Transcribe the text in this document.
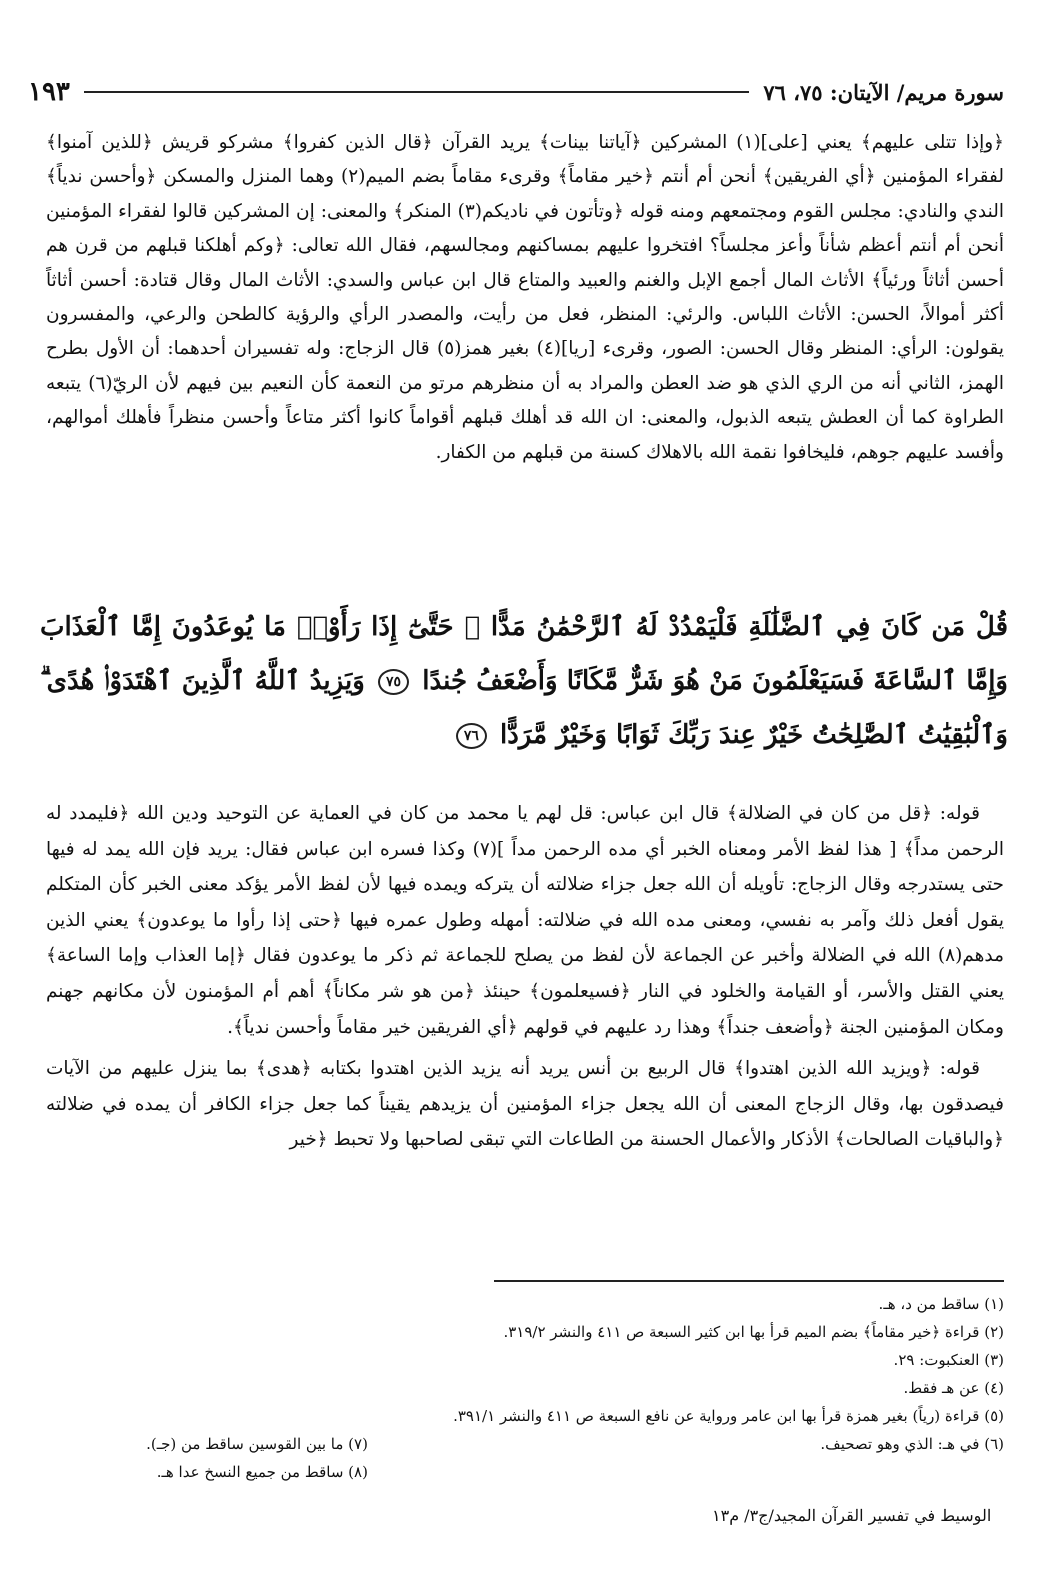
سورة مريم/ الآيتان: ٧٥، ٧٦
١٩٣

﴿وإذا تتلى عليهم﴾ يعني [على](١) المشركين ﴿آياتنا بينات﴾ يريد القرآن ﴿قال الذين كفروا﴾ مشركو قريش ﴿للذين آمنوا﴾ لفقراء المؤمنين ﴿أي الفريقين﴾ أنحن أم أنتم ﴿خير مقاماً﴾ وقرىء مقاماً بضم الميم(٢) وهما المنزل والمسكن ﴿وأحسن ندياً﴾ الندي والنادي: مجلس القوم ومجتمعهم ومنه قوله ﴿وتأتون في ناديكم(٣) المنكر﴾ والمعنى: إن المشركين قالوا لفقراء المؤمنين أنحن أم أنتم أعظم شأناً وأعز مجلساً؟ افتخروا عليهم بمساكنهم ومجالسهم، فقال الله تعالى: ﴿وكم أهلكنا قبلهم من قرن هم أحسن أثاثاً ورئياً﴾ الأثاث المال أجمع الإبل والغنم والعبيد والمتاع قال ابن عباس والسدي: الأثاث المال وقال قتادة: أحسن أثاثاً أكثر أموالاً، الحسن: الأثاث اللباس. والرئي: المنظر، فعل من رأيت، والمصدر الرأي والرؤية كالطحن والرعي، والمفسرون يقولون: الرأي: المنظر وقال الحسن: الصور، وقرىء [ريا](٤) بغير همز(٥) قال الزجاج: وله تفسيران أحدهما: أن الأول بطرح الهمز، الثاني أنه من الري الذي هو ضد العطن والمراد به أن منظرهم مرتو من النعمة كأن النعيم بين فيهم لأن الريّ(٦) يتبعه الطراوة كما أن العطش يتبعه الذبول، والمعنى: ان الله قد أهلك قبلهم أقواماً كانوا أكثر متاعاً وأحسن منظراً فأهلك أموالهم، وأفسد عليهم جوهم، فليخافوا نقمة الله بالاهلاك كسنة من قبلهم من الكفار.

قُلْ مَن كَانَ فِي ٱلضَّلَٰلَةِ فَلْيَمْدُدْ لَهُ ٱلرَّحْمَٰنُ مَدًّا ۚ حَتَّىٰٓ إِذَا رَأَوْا۟ مَا يُوعَدُونَ إِمَّا ٱلْعَذَابَ وَإِمَّا ٱلسَّاعَةَ فَسَيَعْلَمُونَ مَنْ هُوَ شَرٌّ مَّكَانًا وَأَضْعَفُ جُندًا ٧٥ وَيَزِيدُ ٱللَّهُ ٱلَّذِينَ ٱهْتَدَوْا۟ هُدًى ۗ وَٱلْبَٰقِيَٰتُ ٱلصَّٰلِحَٰتُ خَيْرٌ عِندَ رَبِّكَ ثَوَابًا وَخَيْرٌ مَّرَدًّا ٧٦

قوله: ﴿قل من كان في الضلالة﴾ قال ابن عباس: قل لهم يا محمد من كان في العماية عن التوحيد ودين الله ﴿فليمدد له الرحمن مداً﴾ [ هذا لفظ الأمر ومعناه الخبر أي مده الرحمن مداً ](٧) وكذا فسره ابن عباس فقال: يريد فإن الله يمد له فيها حتى يستدرجه وقال الزجاج: تأويله أن الله جعل جزاء ضلالته أن يتركه ويمده فيها لأن لفظ الأمر يؤكد معنى الخبر كأن المتكلم يقول أفعل ذلك وآمر به نفسي، ومعنى مده الله في ضلالته: أمهله وطول عمره فيها ﴿حتى إذا رأوا ما يوعدون﴾ يعني الذين مدهم(٨) الله في الضلالة وأخبر عن الجماعة لأن لفظ من يصلح للجماعة ثم ذكر ما يوعدون فقال ﴿إما العذاب وإما الساعة﴾ يعني القتل والأسر، أو القيامة والخلود في النار ﴿فسيعلمون﴾ حينئذ ﴿من هو شر مكاناً﴾ أهم أم المؤمنون لأن مكانهم جهنم ومكان المؤمنين الجنة ﴿وأضعف جنداً﴾ وهذا رد عليهم في قولهم ﴿أي الفريقين خير مقاماً وأحسن ندياً﴾.

قوله: ﴿ويزيد الله الذين اهتدوا﴾ قال الربيع بن أنس يريد أنه يزيد الذين اهتدوا بكتابه ﴿هدى﴾ بما ينزل عليهم من الآيات فيصدقون بها، وقال الزجاج المعنى أن الله يجعل جزاء المؤمنين أن يزيدهم يقيناً كما جعل جزاء الكافر أن يمده في ضلالته ﴿والباقيات الصالحات﴾ الأذكار والأعمال الحسنة من الطاعات التي تبقى لصاحبها ولا تحبط ﴿خير

(١) ساقط من د، هـ.
(٢) قراءة ﴿خير مقاماً﴾ بضم الميم قرأ بها ابن كثير السبعة ص ٤١١ والنشر ٣١٩/٢.
(٣) العنكبوت: ٢٩.
(٤) عن هـ فقط.
(٥) قراءة (رياً) بغير همزة قرأ بها ابن عامر ورواية عن نافع السبعة ص ٤١١ والنشر ٣٩١/١.
(٦) في هـ: الذي وهو تصحيف.
(٧) ما بين القوسين ساقط من (جـ).
(٨) ساقط من جميع النسخ عدا هـ.
الوسيط في تفسير القرآن المجيد/ج٣/ م١٣
